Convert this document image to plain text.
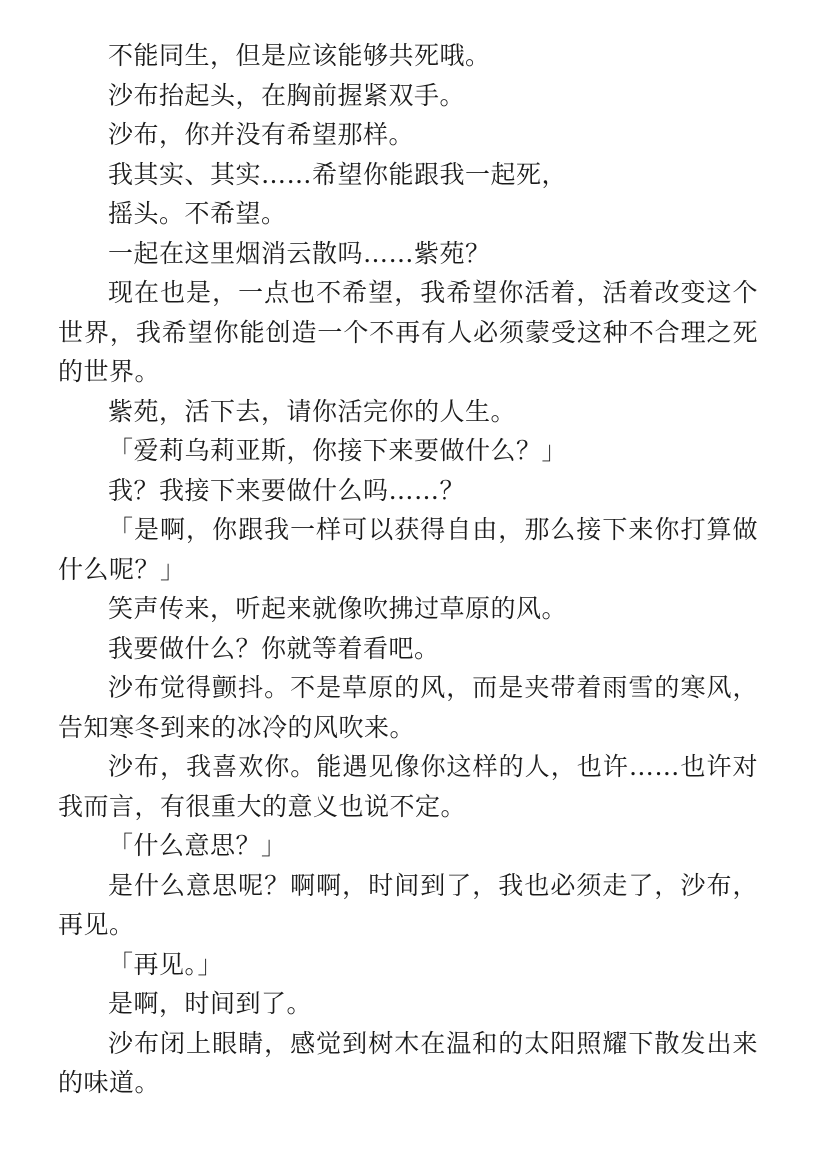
不能同生，但是应该能够共死哦。

沙布抬起头，在胸前握紧双手。

沙布，你并没有希望那样。

我其实、其实……希望你能跟我一起死，

摇头。不希望。

一起在这里烟消云散吗……紫苑？

现在也是，一点也不希望，我希望你活着，活着改变这个世界，我希望你能创造一个不再有人必须蒙受这种不合理之死的世界。

紫苑，活下去，请你活完你的人生。

「爱莉乌莉亚斯，你接下来要做什么？」

我？我接下来要做什么吗……？

「是啊，你跟我一样可以获得自由，那么接下来你打算做什么呢？」

笑声传来，听起来就像吹拂过草原的风。

我要做什么？你就等着看吧。

沙布觉得颤抖。不是草原的风，而是夹带着雨雪的寒风，告知寒冬到来的冰冷的风吹来。

沙布，我喜欢你。能遇见像你这样的人，也许……也许对我而言，有很重大的意义也说不定。

「什么意思？」

是什么意思呢？啊啊，时间到了，我也必须走了，沙布，再见。

「再见。」

是啊，时间到了。

沙布闭上眼睛，感觉到树木在温和的太阳照耀下散发出来的味道。
